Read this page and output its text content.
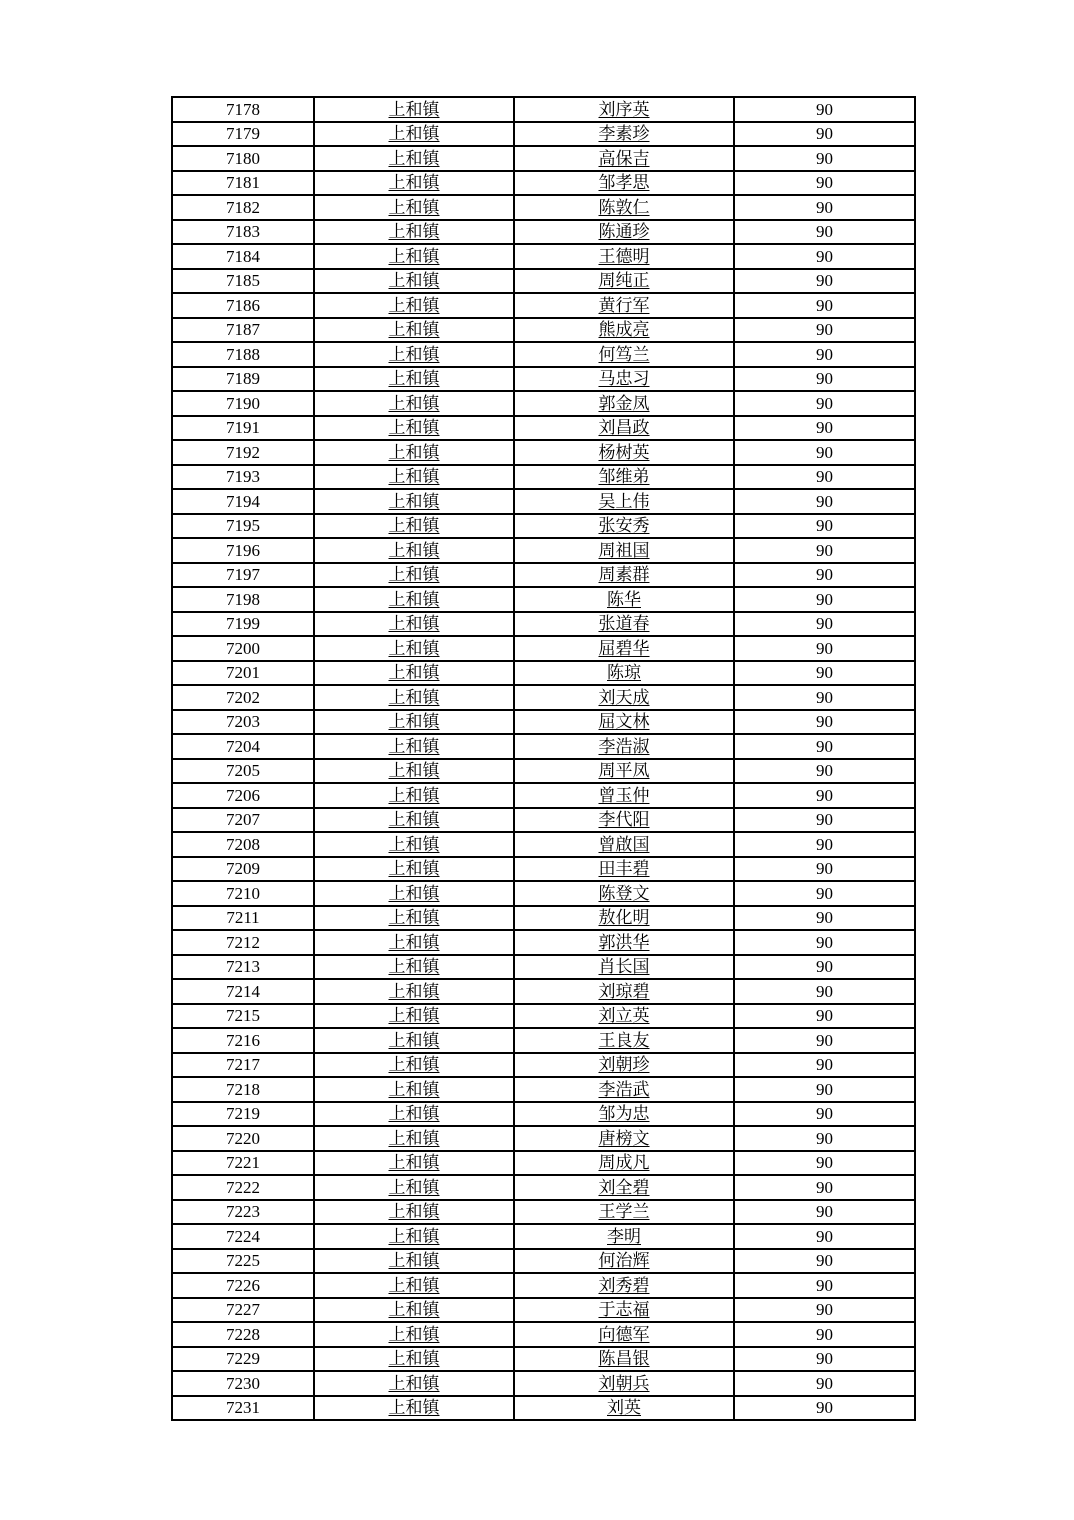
7178	上和镇	刘序英	90
7179	上和镇	李素珍	90
7180	上和镇	高保吉	90
7181	上和镇	邹孝思	90
7182	上和镇	陈敦仁	90
7183	上和镇	陈通珍	90
7184	上和镇	王德明	90
7185	上和镇	周纯正	90
7186	上和镇	黄行军	90
7187	上和镇	熊成亮	90
7188	上和镇	何笃兰	90
7189	上和镇	马忠习	90
7190	上和镇	郭金凤	90
7191	上和镇	刘昌政	90
7192	上和镇	杨树英	90
7193	上和镇	邹维弟	90
7194	上和镇	吴上伟	90
7195	上和镇	张安秀	90
7196	上和镇	周祖国	90
7197	上和镇	周素群	90
7198	上和镇	陈华	90
7199	上和镇	张道春	90
7200	上和镇	屈碧华	90
7201	上和镇	陈琼	90
7202	上和镇	刘天成	90
7203	上和镇	屈文林	90
7204	上和镇	李浩淑	90
7205	上和镇	周平凤	90
7206	上和镇	曾玉仲	90
7207	上和镇	李代阳	90
7208	上和镇	曾啟国	90
7209	上和镇	田丰碧	90
7210	上和镇	陈登文	90
7211	上和镇	敖化明	90
7212	上和镇	郭洪华	90
7213	上和镇	肖长国	90
7214	上和镇	刘琼碧	90
7215	上和镇	刘立英	90
7216	上和镇	王良友	90
7217	上和镇	刘朝珍	90
7218	上和镇	李浩武	90
7219	上和镇	邹为忠	90
7220	上和镇	唐榜文	90
7221	上和镇	周成凡	90
7222	上和镇	刘全碧	90
7223	上和镇	王学兰	90
7224	上和镇	李明	90
7225	上和镇	何治辉	90
7226	上和镇	刘秀碧	90
7227	上和镇	于志福	90
7228	上和镇	向德军	90
7229	上和镇	陈昌银	90
7230	上和镇	刘朝兵	90
7231	上和镇	刘英	90
